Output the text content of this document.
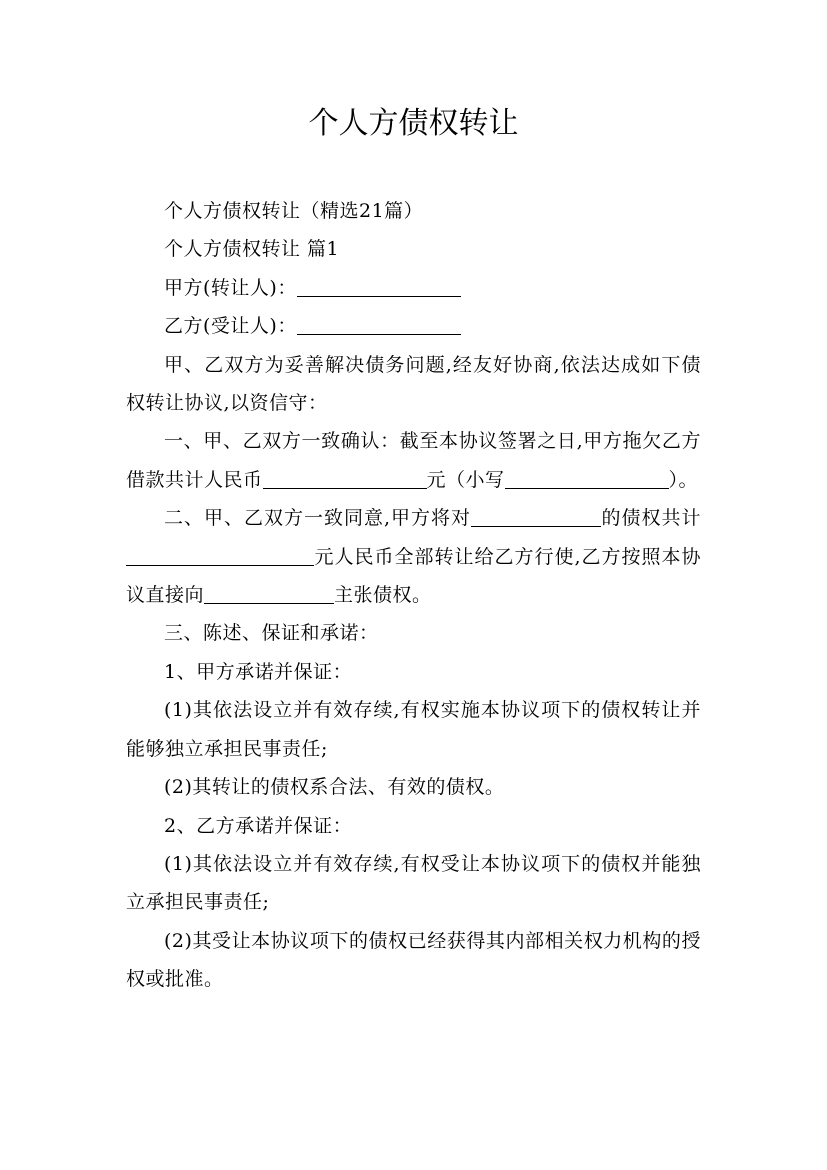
个人方债权转让

个人方债权转让（精选21篇）

个人方债权转让 篇1

甲方(转让人)：

乙方(受让人)：

甲、乙双方为妥善解决债务问题,经友好协商,依法达成如下债权转让协议,以资信守：

一、甲、乙双方一致确认：截至本协议签署之日,甲方拖欠乙方借款共计人民币	元（小写	）。

二、甲、乙双方一致同意,甲方将对	的债权共计元人民币全部转让给乙方行使,乙方按照本协议直接向	主张债权。

三、陈述、保证和承诺：

1、甲方承诺并保证：

(1)其依法设立并有效存续,有权实施本协议项下的债权转让并能够独立承担民事责任;

(2)其转让的债权系合法、有效的债权。

2、乙方承诺并保证：

(1)其依法设立并有效存续,有权受让本协议项下的债权并能独立承担民事责任;

(2)其受让本协议项下的债权已经获得其内部相关权力机构的授权或批准。
